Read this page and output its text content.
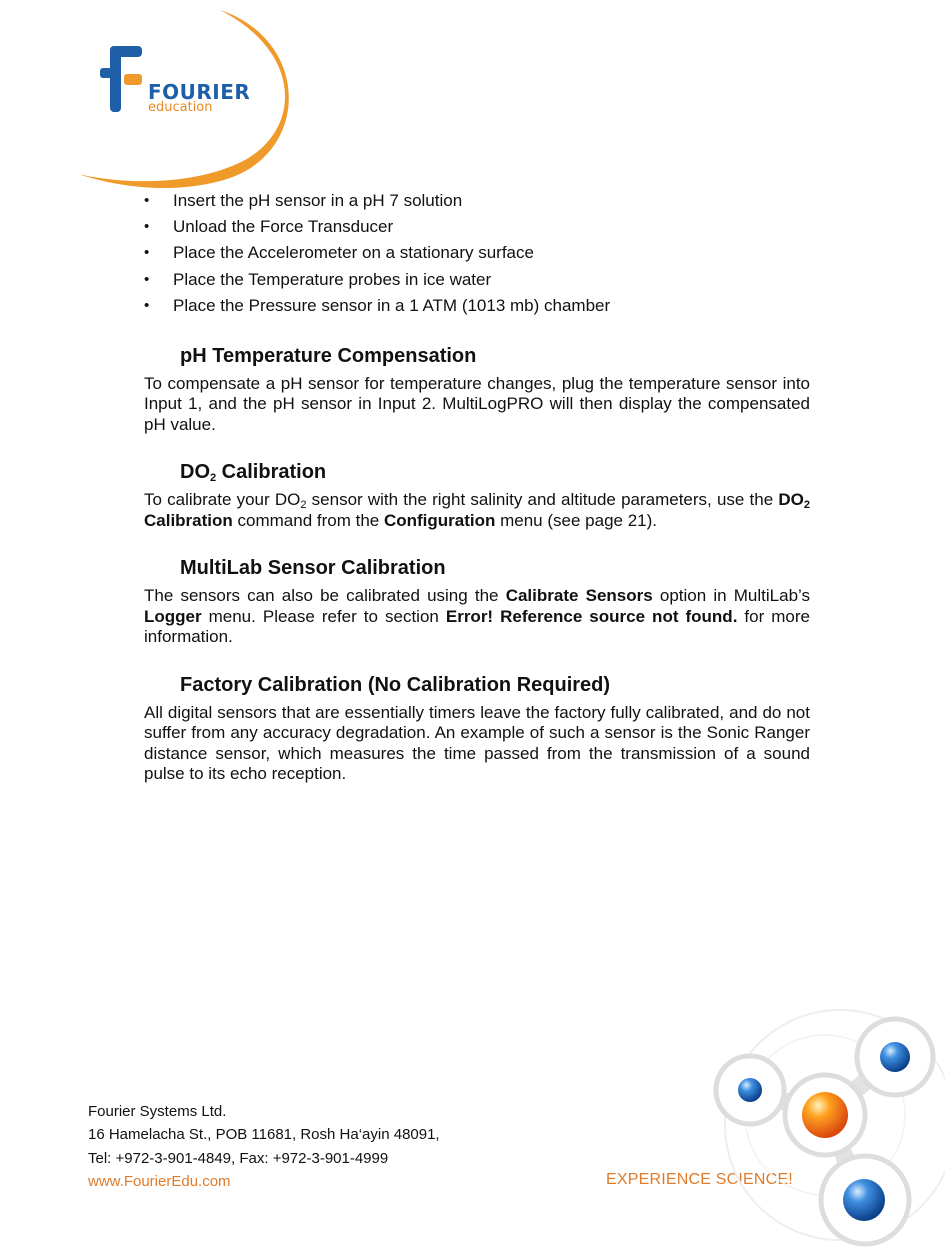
FOURIER
education
• Insert the pH sensor in a pH 7 solution
• Unload the Force Transducer
• Place the Accelerometer on a stationary surface
• Place the Temperature probes in ice water
• Place the Pressure sensor in a 1 ATM (1013 mb) chamber
pH Temperature Compensation

To compensate a pH sensor for temperature changes, plug the temperature sensor into Input 1, and the pH sensor in Input 2. MultiLogPRO will then display the compensated pH value.

$DO_2$ Calibration

To calibrate your $DO_2$ sensor with the right salinity and altitude parameters, use the $DO_2$ Calibration command from the Configuration menu (see page 21).

MultiLab Sensor Calibration

The sensors can also be calibrated using the Calibrate Sensors option in MultiLab’s Logger menu. Please refer to section Error! Reference source not found. for more information.

Factory Calibration (No Calibration Required)

All digital sensors that are essentially timers leave the factory fully calibrated, and do not suffer from any accuracy degradation. An example of such a sensor is the Sonic Ranger distance sensor, which measures the time passed from the transmission of a sound pulse to its echo reception.

Fourier Systems Ltd.
16 Hamelacha St., POB 11681, Rosh Ha‘ayin 48091,
Tel: +972-3-901-4849, Fax: +972-3-901-4999
www.FourierEdu.com	EXPERIENCE SCIENCE!
